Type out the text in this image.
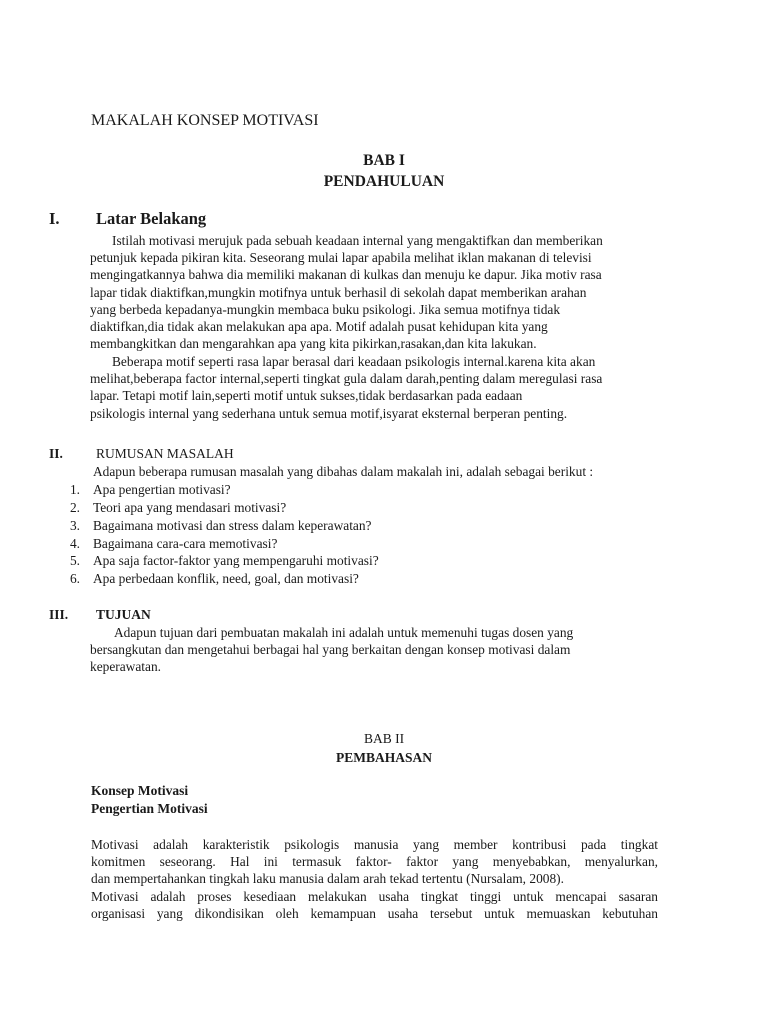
MAKALAH KONSEP MOTIVASI
BAB I
PENDAHULUAN
I. Latar Belakang
Istilah motivasi merujuk pada sebuah keadaan internal yang mengaktifkan dan memberikan
petunjuk kepada pikiran kita. Seseorang mulai lapar apabila melihat iklan makanan di televisi
mengingatkannya bahwa dia memiliki makanan di kulkas dan menuju ke dapur. Jika motiv rasa
lapar tidak diaktifkan,mungkin motifnya untuk berhasil di sekolah dapat memberikan arahan
yang berbeda kepadanya-mungkin membaca buku psikologi. Jika semua motifnya tidak
diaktifkan,dia tidak akan melakukan apa apa. Motif adalah pusat kehidupan kita yang
membangkitkan dan mengarahkan apa yang kita pikirkan,rasakan,dan kita lakukan.
Beberapa motif seperti rasa lapar berasal dari keadaan psikologis internal.karena kita akan
melihat,beberapa factor internal,seperti tingkat gula dalam darah,penting dalam meregulasi rasa
lapar. Tetapi motif lain,seperti motif untuk sukses,tidak berdasarkan pada eadaan
psikologis internal yang sederhana untuk semua motif,isyarat eksternal berperan penting.
II. RUMUSAN MASALAH
Adapun beberapa rumusan masalah yang dibahas dalam makalah ini, adalah sebagai berikut :
1. Apa pengertian motivasi?
2. Teori apa yang mendasari motivasi?
3. Bagaimana motivasi dan stress dalam keperawatan?
4. Bagaimana cara-cara memotivasi?
5. Apa saja factor-faktor yang mempengaruhi motivasi?
6. Apa perbedaan konflik, need, goal, dan motivasi?
III. TUJUAN
Adapun tujuan dari pembuatan makalah ini adalah untuk memenuhi tugas dosen yang
bersangkutan dan mengetahui berbagai hal yang berkaitan dengan konsep motivasi dalam
keperawatan.
BAB II
PEMBAHASAN
Konsep Motivasi
Pengertian Motivasi
Motivasi adalah karakteristik psikologis manusia yang member kontribusi pada tingkat
komitmen seseorang. Hal ini termasuk faktor- faktor yang menyebabkan, menyalurkan,
dan mempertahankan tingkah laku manusia dalam arah tekad tertentu (Nursalam, 2008).
Motivasi adalah proses kesediaan melakukan usaha tingkat tinggi untuk mencapai sasaran
organisasi yang dikondisikan oleh kemampuan usaha tersebut untuk memuaskan kebutuhan
